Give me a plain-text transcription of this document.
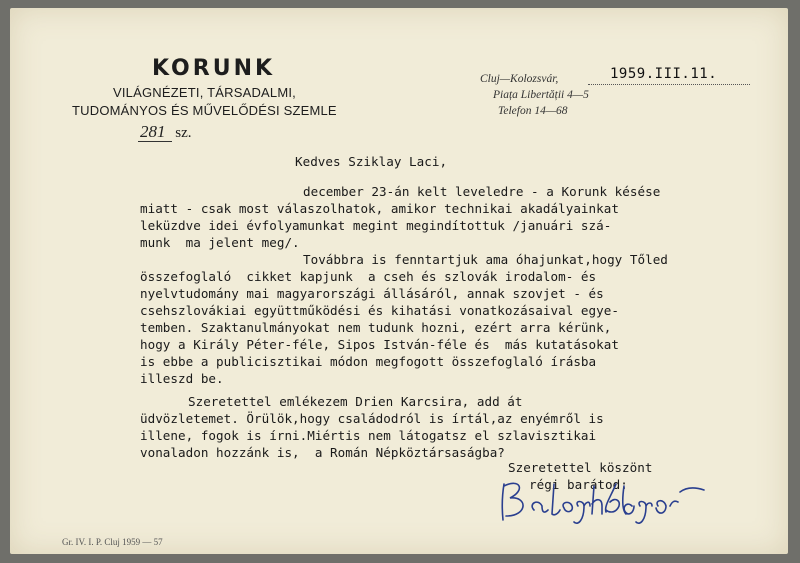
KORUNK
VILÁGNÉZETI, TÁRSADALMI,
TUDOMÁNYOS ÉS MŰVELŐDÉSI SZEMLE
281 sz.
Cluj—Kolozsvár,	1959.III.11.
Piața Libertății 4—5
Telefon 14—68
Kedves Sziklay Laci,
december 23-án kelt leveledre - a Korunk késése
miatt - csak most válaszolhatok, amikor technikai akadályainkat
leküzdve idei évfolyamunkat megint megindítottuk /januári szá-
munk  ma jelent meg/.
Továbbra is fenntartjuk ama óhajunkat,hogy Tőled
összefoglaló  cikket kapjunk  a cseh és szlovák irodalom- és
nyelvtudomány mai magyarországi állásáról, annak szovjet - és
csehszlovákiai együttműködési és kihatási vonatkozásaival egye-
temben. Szaktanulmányokat nem tudunk hozni, ezért arra kérünk,
hogy a Király Péter-féle, Sipos István-féle és  más kutatásokat
is ebbe a publicisztikai módon megfogott összefoglaló írásba
illeszd be.
Szeretettel emlékezem Drien Karcsira, add át
üdvözletemet. Örülök,hogy családodról is írtál,az enyémről is
illene, fogok is írni.Miértis nem látogatsz el szlavisztikai
vonaladon hozzánk is,  a Román Népköztársaságba?
Szeretettel köszönt
régi barátod:
Gr. IV. I. P. Cluj 1959 — 57
